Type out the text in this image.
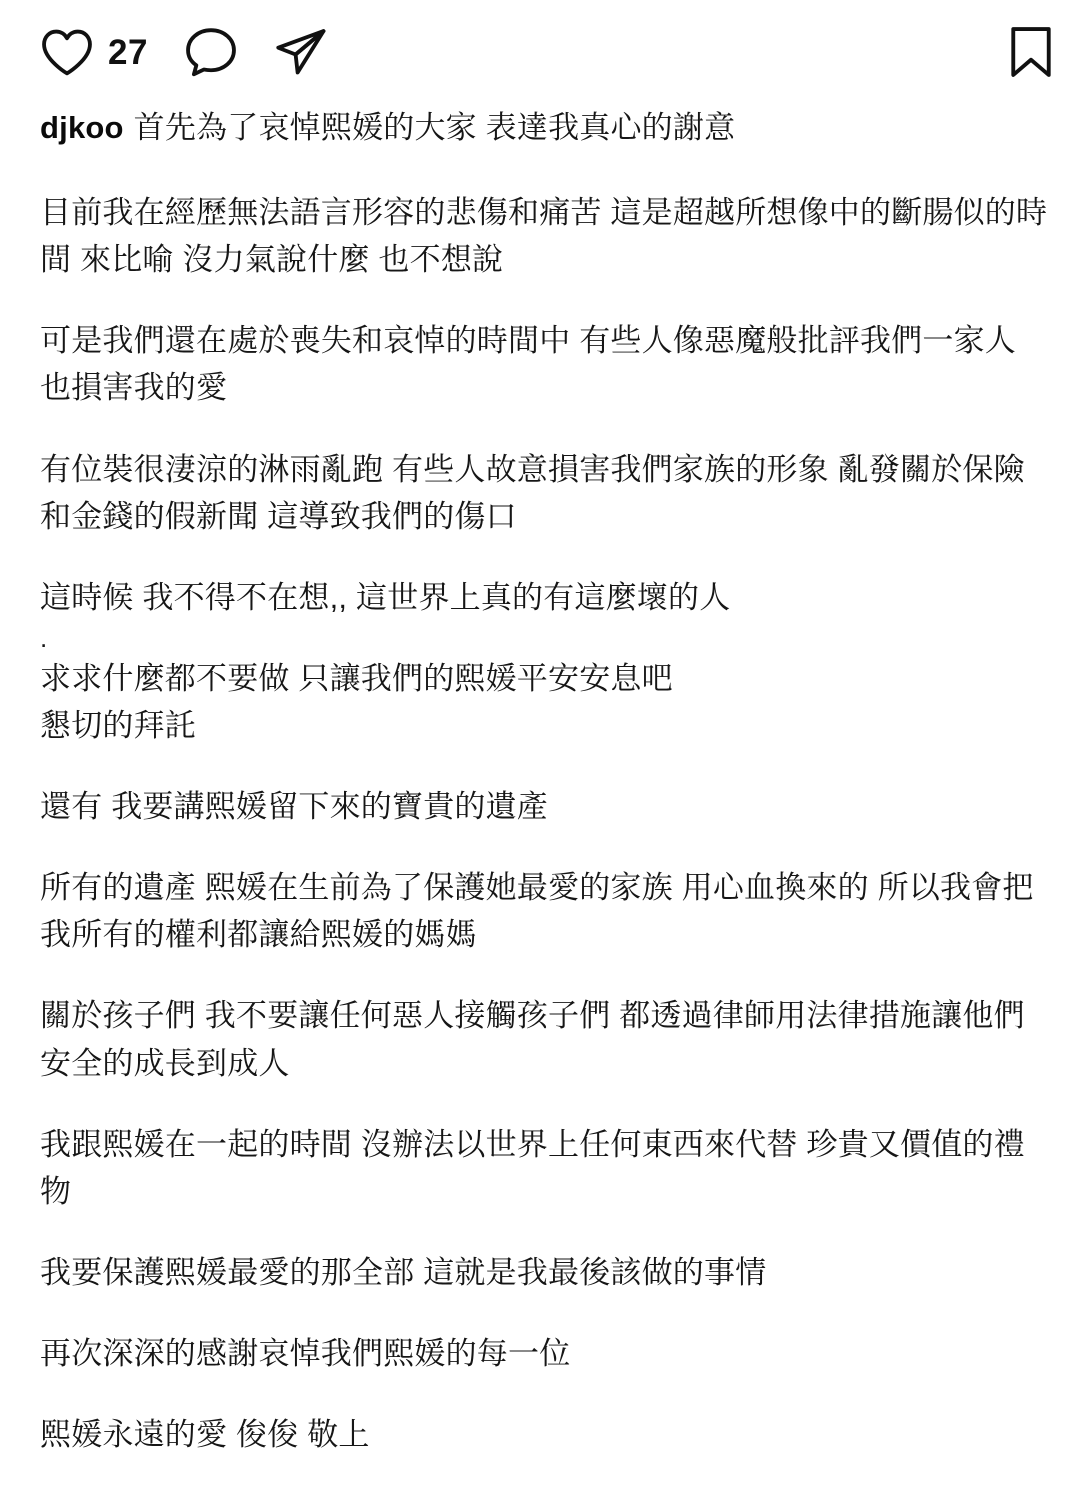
27

djkoo 首先為了哀悼熙媛的大家 表達我真心的謝意

目前我在經歷無法語言形容的悲傷和痛苦 這是超越所想像中的斷腸似的時間 來比喻 沒力氣說什麼 也不想說

可是我們還在處於喪失和哀悼的時間中 有些人像惡魔般批評我們一家人 也損害我的愛

有位裝很淒涼的淋雨亂跑 有些人故意損害我們家族的形象 亂發關於保險和金錢的假新聞 這導致我們的傷口

這時候 我不得不在想,, 這世界上真的有這麼壞的人

.

求求什麼都不要做 只讓我們的熙媛平安安息吧

懇切的拜託

還有 我要講熙媛留下來的寶貴的遺產

所有的遺產 熙媛在生前為了保護她最愛的家族 用心血換來的 所以我會把我所有的權利都讓給熙媛的媽媽

關於孩子們 我不要讓任何惡人接觸孩子們 都透過律師用法律措施讓他們安全的成長到成人

我跟熙媛在一起的時間 沒辦法以世界上任何東西來代替 珍貴又價值的禮物

我要保護熙媛最愛的那全部 這就是我最後該做的事情

再次深深的感謝哀悼我們熙媛的每一位

熙媛永遠的愛 俊俊 敬上
